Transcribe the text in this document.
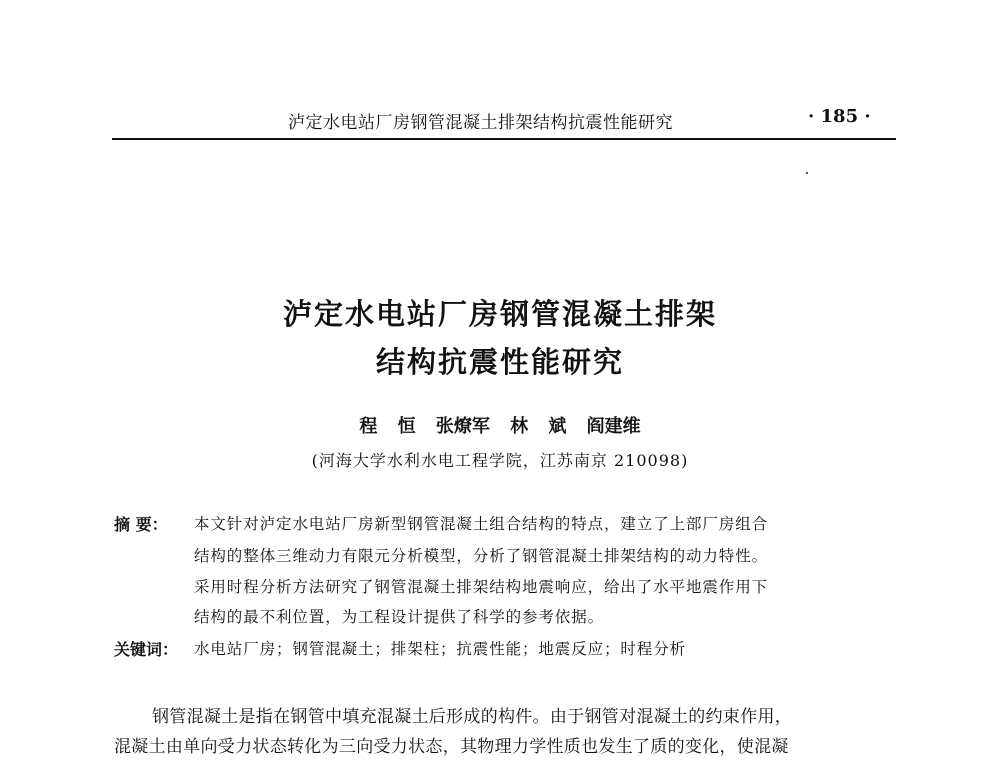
泸定水电站厂房钢管混凝土排架结构抗震性能研究	· 185 ·
泸定水电站厂房钢管混凝土排架
结构抗震性能研究
程 恒 张燎军 林 斌 阎建维
(河海大学水利水电工程学院，江苏南京 210098)
摘 要： 本文针对泸定水电站厂房新型钢管混凝土组合结构的特点，建立了上部厂房组合
结构的整体三维动力有限元分析模型，分析了钢管混凝土排架结构的动力特性。
采用时程分析方法研究了钢管混凝土排架结构地震响应，给出了水平地震作用下
结构的最不利位置，为工程设计提供了科学的参考依据。
关键词： 水电站厂房；钢管混凝土；排架柱；抗震性能；地震反应；时程分析
钢管混凝土是指在钢管中填充混凝土后形成的构件。由于钢管对混凝土的约束作用，
混凝土由单向受力状态转化为三向受力状态，其物理力学性质也发生了质的变化，使混凝
